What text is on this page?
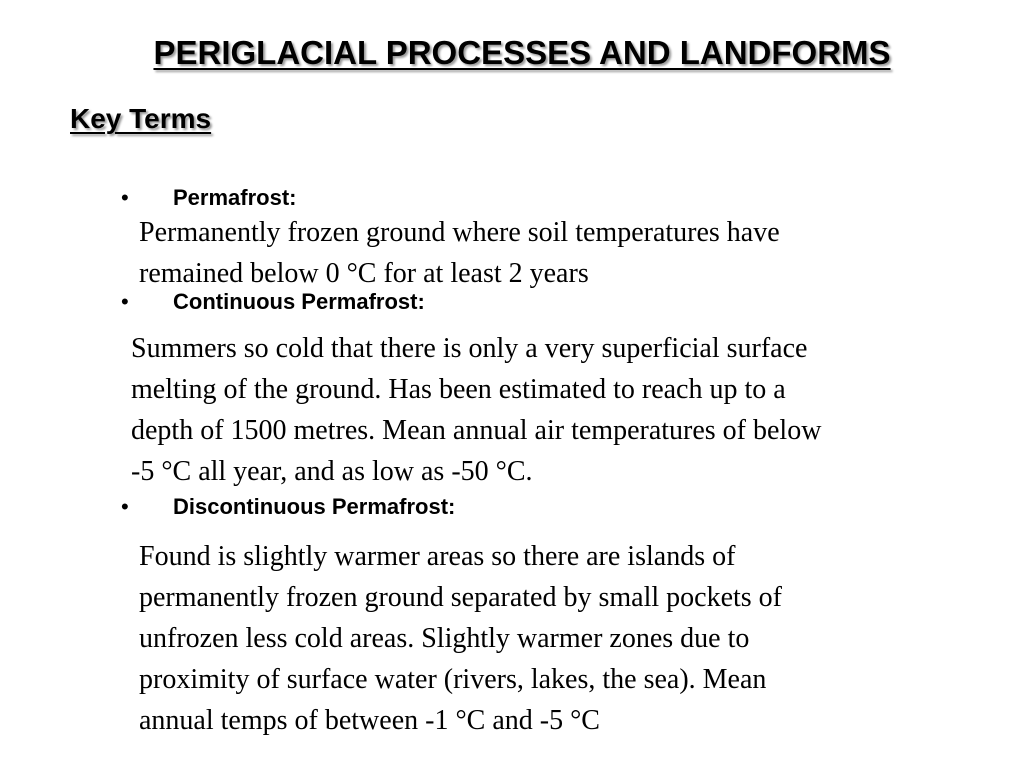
PERIGLACIAL PROCESSES AND LANDFORMS
Key Terms
• Permafrost:
Permanently frozen ground where soil temperatures have
remained below 0 °C for at least 2 years
• Continuous Permafrost:
Summers so cold that there is only a very superficial surface
melting of the ground. Has been estimated to reach up to a
depth of 1500 metres. Mean annual air temperatures of below
-5 °C all year, and as low as -50 °C.
• Discontinuous Permafrost:
Found is slightly warmer areas so there are islands of
permanently frozen ground separated by small pockets of
unfrozen less cold areas. Slightly warmer zones due to
proximity of surface water (rivers, lakes, the sea). Mean
annual temps of between -1 °C and -5 °C
